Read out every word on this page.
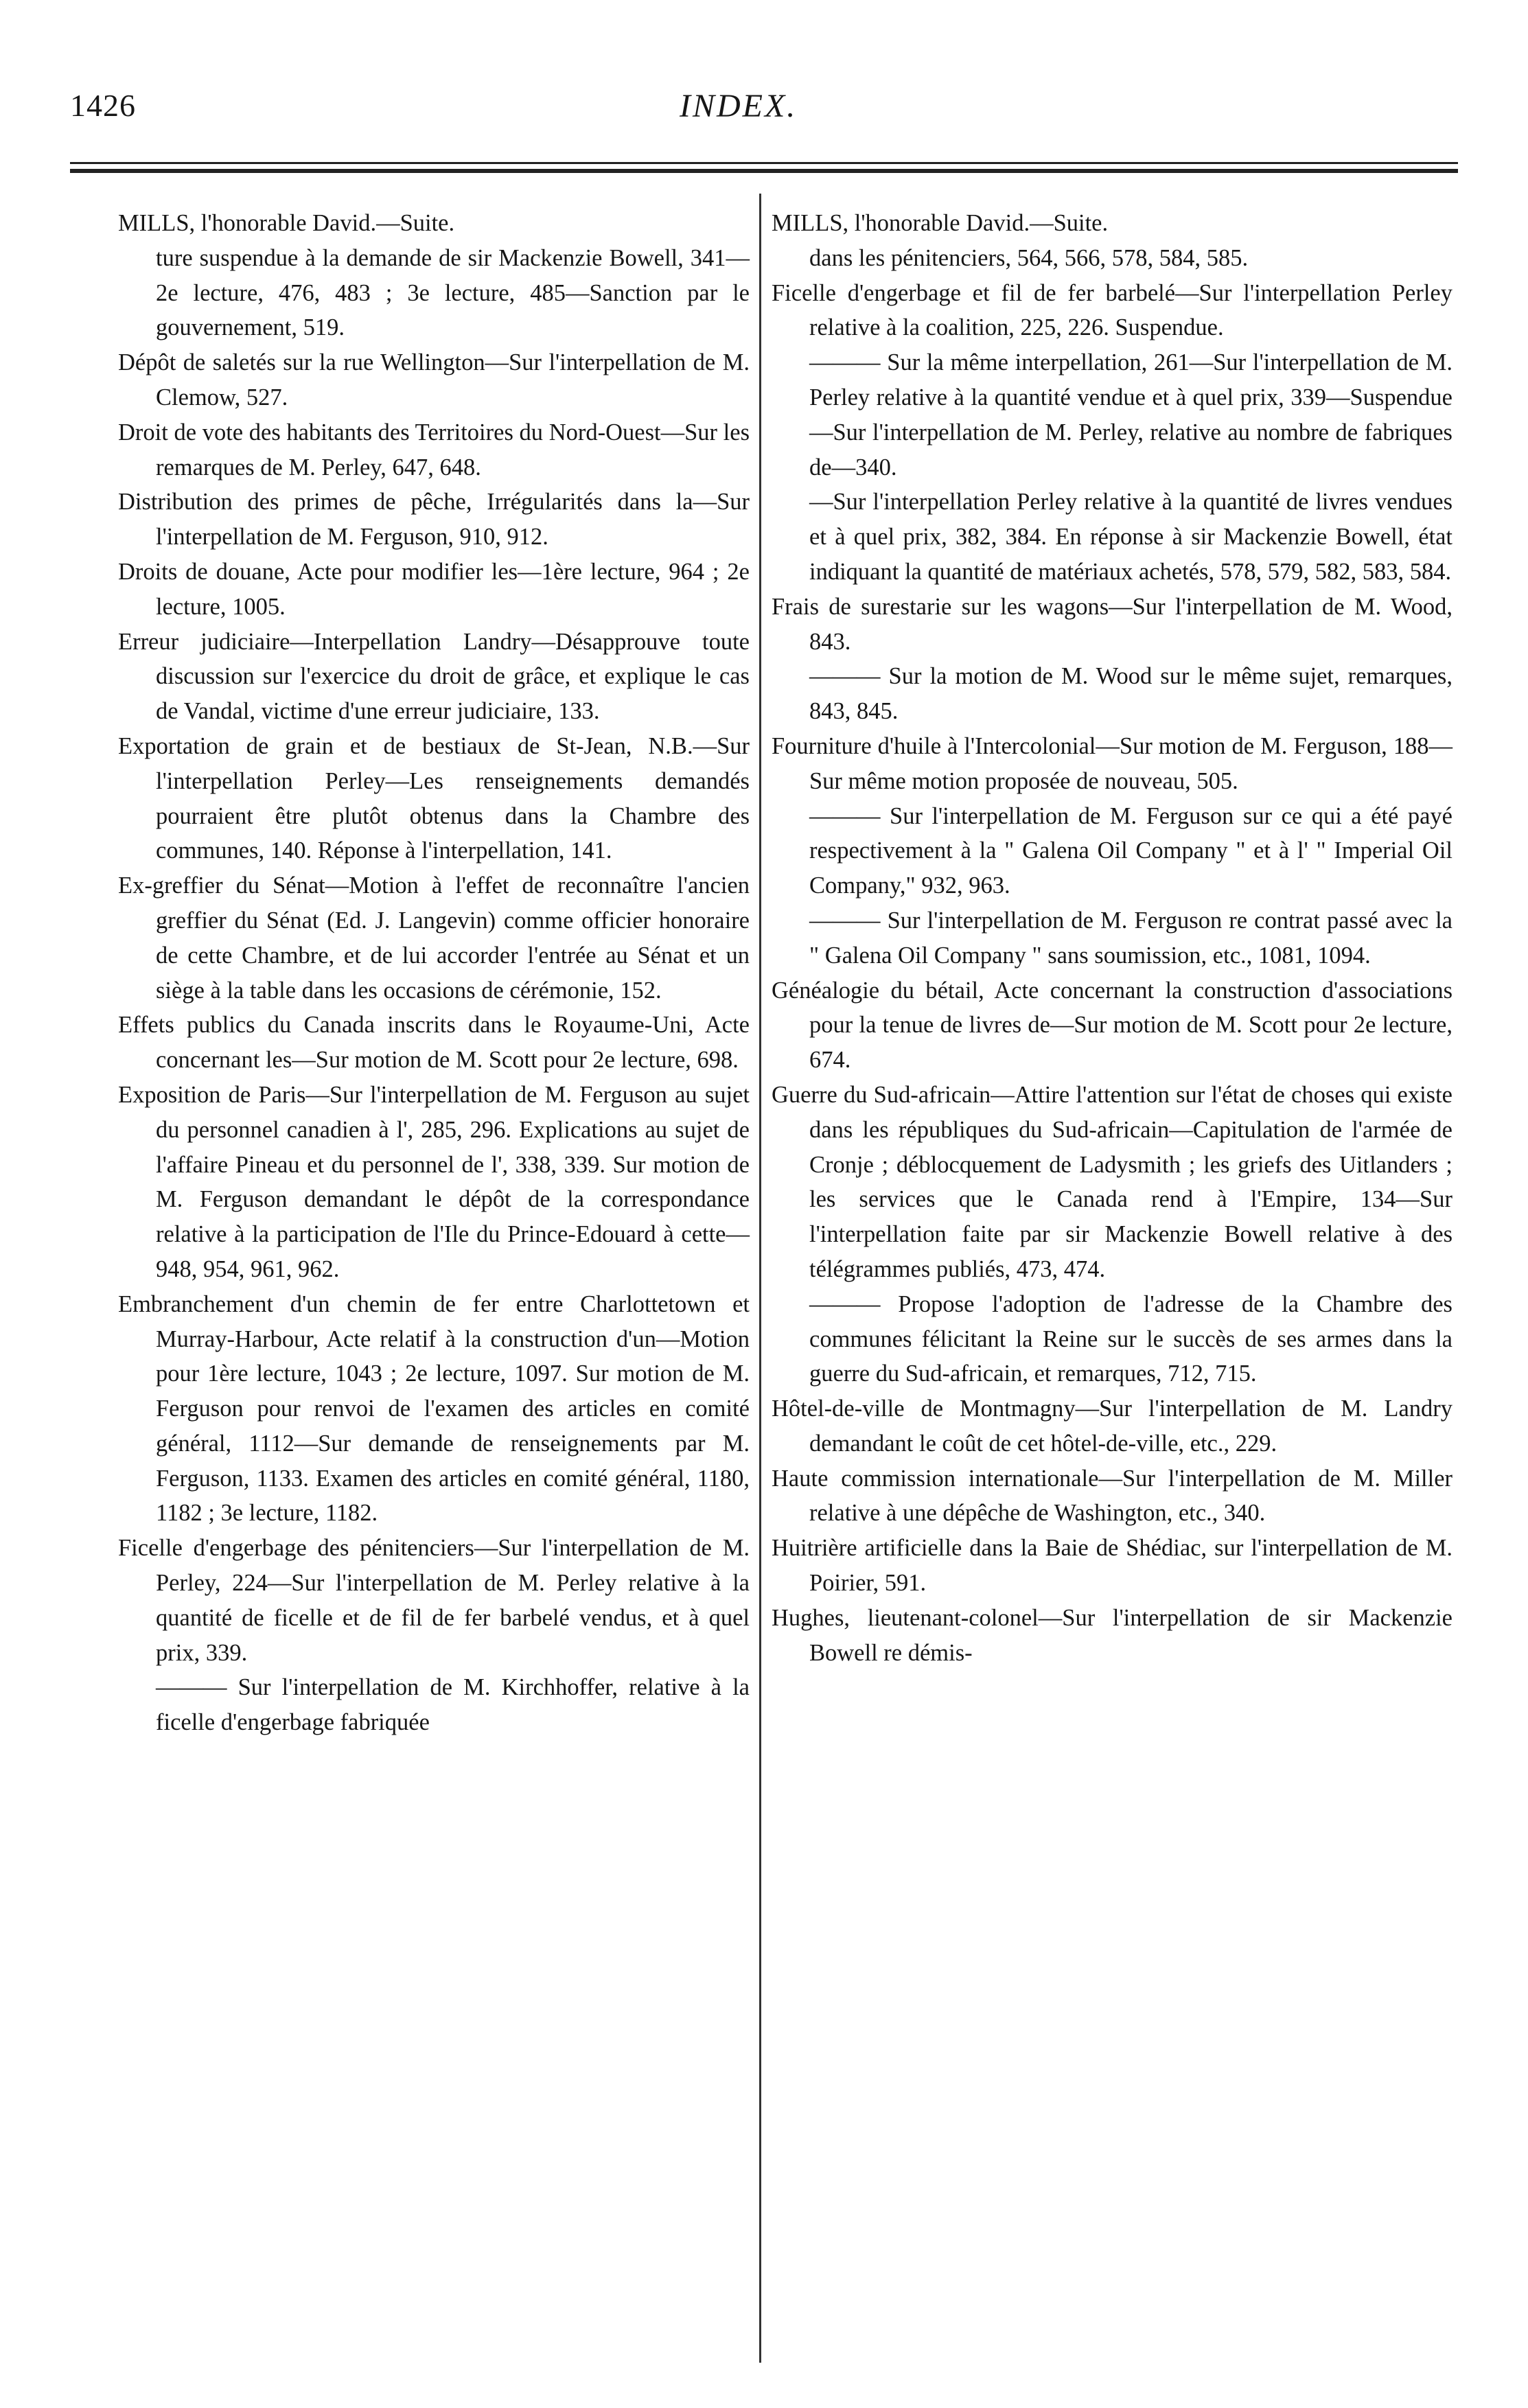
1426	INDEX.

MILLS, l'honorable David.—Suite.

ture suspendue à la demande de sir Mackenzie Bowell, 341—2e lecture, 476, 483 ; 3e lecture, 485—Sanction par le gouvernement, 519.

Dépôt de saletés sur la rue Wellington—Sur l'interpellation de M. Clemow, 527.

Droit de vote des habitants des Territoires du Nord-Ouest—Sur les remarques de M. Perley, 647, 648.

Distribution des primes de pêche, Irrégularités dans la—Sur l'interpellation de M. Ferguson, 910, 912.

Droits de douane, Acte pour modifier les—1ère lecture, 964 ; 2e lecture, 1005.

Erreur judiciaire—Interpellation Landry—Désapprouve toute discussion sur l'exercice du droit de grâce, et explique le cas de Vandal, victime d'une erreur judiciaire, 133.

Exportation de grain et de bestiaux de St-Jean, N.B.—Sur l'interpellation Perley—Les renseignements demandés pourraient être plutôt obtenus dans la Chambre des communes, 140. Réponse à l'interpellation, 141.

Ex-greffier du Sénat—Motion à l'effet de reconnaître l'ancien greffier du Sénat (Ed. J. Langevin) comme officier honoraire de cette Chambre, et de lui accorder l'entrée au Sénat et un siège à la table dans les occasions de cérémonie, 152.

Effets publics du Canada inscrits dans le Royaume-Uni, Acte concernant les—Sur motion de M. Scott pour 2e lecture, 698.

Exposition de Paris—Sur l'interpellation de M. Ferguson au sujet du personnel canadien à l', 285, 296. Explications au sujet de l'affaire Pineau et du personnel de l', 338, 339. Sur motion de M. Ferguson demandant le dépôt de la correspondance relative à la participation de l'Ile du Prince-Edouard à cette—948, 954, 961, 962.

Embranchement d'un chemin de fer entre Charlottetown et Murray-Harbour, Acte relatif à la construction d'un—Motion pour 1ère lecture, 1043 ; 2e lecture, 1097. Sur motion de M. Ferguson pour renvoi de l'examen des articles en comité général, 1112—Sur demande de renseignements par M. Ferguson, 1133. Examen des articles en comité général, 1180, 1182 ; 3e lecture, 1182.

Ficelle d'engerbage des pénitenciers—Sur l'interpellation de M. Perley, 224—Sur l'interpellation de M. Perley relative à la quantité de ficelle et de fil de fer barbelé vendus, et à quel prix, 339.

——— Sur l'interpellation de M. Kirchhoffer, relative à la ficelle d'engerbage fabriquée

MILLS, l'honorable David.—Suite.

dans les pénitenciers, 564, 566, 578, 584, 585.

Ficelle d'engerbage et fil de fer barbelé—Sur l'interpellation Perley relative à la coalition, 225, 226. Suspendue.

——— Sur la même interpellation, 261—Sur l'interpellation de M. Perley relative à la quantité vendue et à quel prix, 339—Suspendue—Sur l'interpellation de M. Perley, relative au nombre de fabriques de—340.

—Sur l'interpellation Perley relative à la quantité de livres vendues et à quel prix, 382, 384. En réponse à sir Mackenzie Bowell, état indiquant la quantité de matériaux achetés, 578, 579, 582, 583, 584.

Frais de surestarie sur les wagons—Sur l'interpellation de M. Wood, 843.

——— Sur la motion de M. Wood sur le même sujet, remarques, 843, 845.

Fourniture d'huile à l'Intercolonial—Sur motion de M. Ferguson, 188—Sur même motion proposée de nouveau, 505.

——— Sur l'interpellation de M. Ferguson sur ce qui a été payé respectivement à la " Galena Oil Company " et à l' " Imperial Oil Company," 932, 963.

——— Sur l'interpellation de M. Ferguson re contrat passé avec la " Galena Oil Company " sans soumission, etc., 1081, 1094.

Généalogie du bétail, Acte concernant la construction d'associations pour la tenue de livres de—Sur motion de M. Scott pour 2e lecture, 674.

Guerre du Sud-africain—Attire l'attention sur l'état de choses qui existe dans les républiques du Sud-africain—Capitulation de l'armée de Cronje ; déblocquement de Ladysmith ; les griefs des Uitlanders ; les services que le Canada rend à l'Empire, 134—Sur l'interpellation faite par sir Mackenzie Bowell relative à des télégrammes publiés, 473, 474.

——— Propose l'adoption de l'adresse de la Chambre des communes félicitant la Reine sur le succès de ses armes dans la guerre du Sud-africain, et remarques, 712, 715.

Hôtel-de-ville de Montmagny—Sur l'interpellation de M. Landry demandant le coût de cet hôtel-de-ville, etc., 229.

Haute commission internationale—Sur l'interpellation de M. Miller relative à une dépêche de Washington, etc., 340.

Huitrière artificielle dans la Baie de Shédiac, sur l'interpellation de M. Poirier, 591.

Hughes, lieutenant-colonel—Sur l'interpellation de sir Mackenzie Bowell re démis-
